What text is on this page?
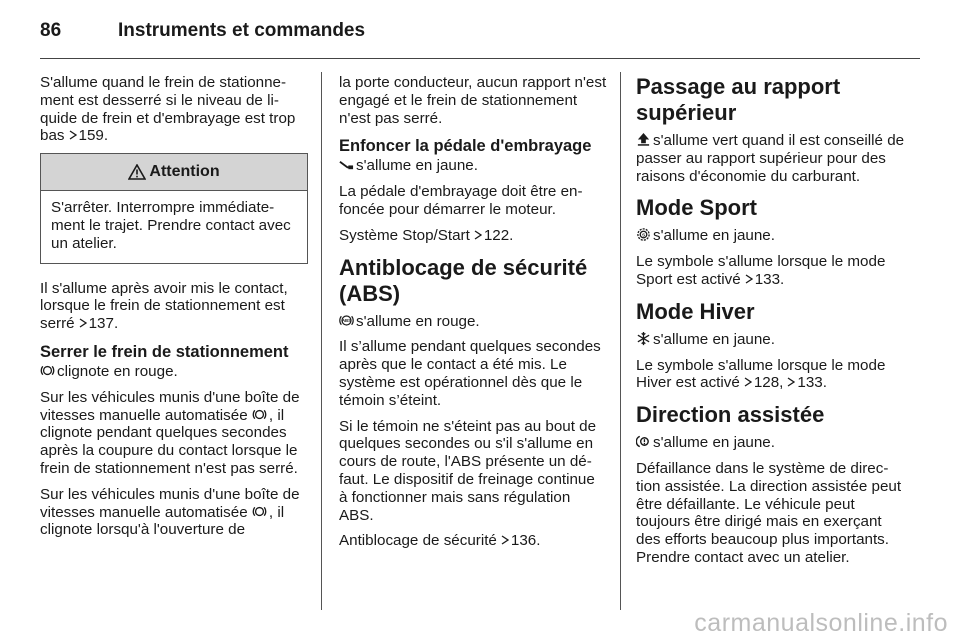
86	Instruments et commandes

S'allume quand le frein de stationnement est desserré si le niveau de liquide de frein et d'embrayage est trop bas 159.

Attention
S'arrêter. Interrompre immédiatement le trajet. Prendre contact avec un atelier.

Il s'allume après avoir mis le contact, lorsque le frein de stationnement est serré 137.

Serrer le frein de stationnement

clignote en rouge.

Sur les véhicules munis d'une boîte de vitesses manuelle automatisée , il clignote pendant quelques secondes après la coupure du contact lorsque le frein de stationnement n'est pas serré.

Sur les véhicules munis d'une boîte de vitesses manuelle automatisée , il clignote lorsqu'à l'ouverture de

la porte conducteur, aucun rapport n'est engagé et le frein de stationnement n'est pas serré.

Enfoncer la pédale d'embrayage

s'allume en jaune.

La pédale d'embrayage doit être enfoncée pour démarrer le moteur.

Système Stop/Start 122.

Antiblocage de sécurité (ABS)

ABS s'allume en rouge.

Il s’allume pendant quelques secondes après que le contact a été mis. Le système est opérationnel dès que le témoin s’éteint.

Si le témoin ne s'éteint pas au bout de quelques secondes ou s'il s'allume en cours de route, l'ABS présente un défaut. Le dispositif de freinage continue à fonctionner mais sans régulation ABS.

Antiblocage de sécurité 136.

Passage au rapport supérieur

s'allume vert quand il est conseillé de passer au rapport supérieur pour des raisons d'économie du carburant.

Mode Sport

S s'allume en jaune.

Le symbole s'allume lorsque le mode Sport est activé 133.

Mode Hiver

s'allume en jaune.

Le symbole s'allume lorsque le mode Hiver est activé 128, 133.

Direction assistée

s'allume en jaune.

Défaillance dans le système de direction assistée. La direction assistée peut être défaillante. Le véhicule peut toujours être dirigé mais en exerçant des efforts beaucoup plus importants. Prendre contact avec un atelier.

carmanualsonline.info
